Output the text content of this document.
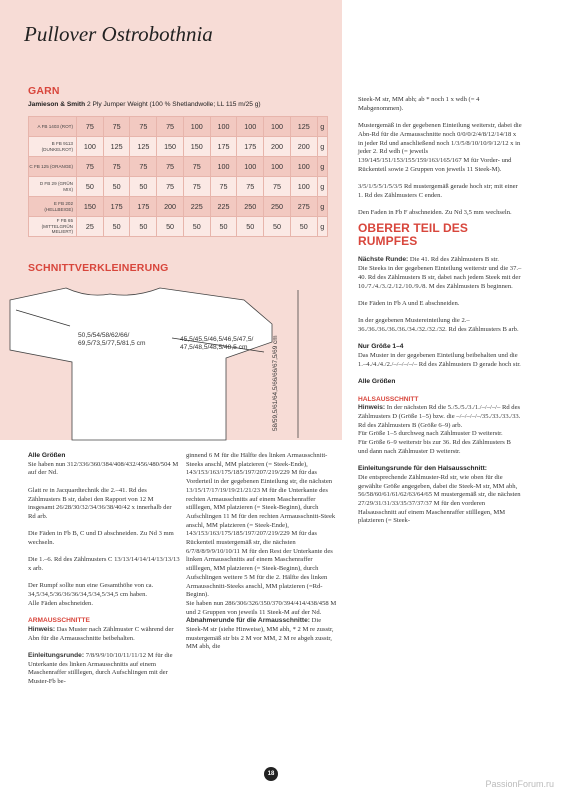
Pullover Ostrobothnia
GARN
Jamieson & Smith 2 Ply Jumper Weight (100 % Shetlandwolle; LL 115 m/25 g)
A FB 1403 (ROT)	75	75	75	75	100	100	100	100	125	g
B FB 9113 (DUNKELROT)	100	125	125	150	150	175	175	200	200	g
C FB 125 (ORANGE)	75	75	75	75	75	100	100	100	100	g
D FB 29 (GRÜN MIX)	50	50	50	75	75	75	75	75	100	g
E FB 202 (HELLBEIGE)	150	175	175	200	225	225	250	250	275	g
F FB 65 (MITTELGRÜN MELIERT)	25	50	50	50	50	50	50	50	50	g
SCHNITTVERKLEINERUNG
50,5/54/58/62/66/
69,5/73,5/77,5/81,5 cm
45,5/45,5/46,5/46,5/47,5/
47,5/48,5/48,5/48,5 cm	58/59,5/61/64,5/66/66/67,5/69 cm

Alle Größen

Sie haben nun 312/336/360/384/408/432/456/480/504 M auf der Nd.

Glatt re in Jacquardtechnik die 2.–41. Rd des Zählmusters B str, dabei den Rapport von 12 M insgesamt 26/28/30/32/34/36/38/40/42 x innerhalb der Rd arb.

Die Fäden in Fb B, C und D abschneiden. Zu Nd 3 mm wechseln.

Die 1.–6. Rd des Zählmusters C 13/13/14/14/14/13/13/13 x arb.

Der Rumpf sollte nun eine Gesamthöhe von ca. 34,5/34,5/36/36/36/34,5/34,5/34,5 cm haben.

Alle Fäden abschneiden.

ARMAUSSCHNITTE

Hinweis: Das Muster nach Zählmuster C während der Abn für die Armausschnitte beibehalten.

Einleitungsrunde: 7/8/9/9/10/10/11/11/12 M für die Unterkante des linken Armausschnitts auf einem Maschenraffer stilllegen, durch Aufschlingen mit der Muster-Fb be-

ginnend 6 M für die Hälfte des linken Armausschnitt-Steeks anschl, MM platzieren (= Steek-Ende), 143/153/163/175/185/197/207/219/229 M für das Vorderteil in der gegebenen Einteilung str, die nächsten 13/15/17/17/19/19/21/21/23 M für die Unterkante des rechten Armausschnitts auf einem Maschenraffer stilllegen, MM platzieren (= Steek-Beginn), durch Aufschlingen 11 M für den rechten Armausschnitt-Steek anschl, MM platzieren (= Steek-Ende), 143/153/163/175/185/197/207/219/229 M für das Rückenteil mustergemäß str, die nächsten 6/7/8/8/9/9/10/10/11 M für den Rest der Unterkante des linken Armausschnitts auf einem Maschenraffer stilllegen, MM platzieren (= Steek-Beginn), durch Aufschlingen weitere 5 M für die 2. Hälfte des linken Armausschnitt-Steeks anschl, MM platzieren (=Rd-Beginn).

Sie haben nun 286/306/326/350/370/394/414/438/458 M und 2 Gruppen von jeweils 11 Steek-M auf der Nd.

Abnahmerunde für die Armausschnitte: Die Steek-M str (siehe Hinweise), MM abh, * 2 M re zusstr, mustergemäß str bis 2 M vor MM, 2 M re abgeh zusstr, MM abh, die

Steek-M str, MM abh; ab * noch 1 x wdh (= 4 Mabgenommen).

Mustergemäß in der gegebenen Einteilung weiterstr, dabei die Abn-Rd für die Armausschnitte noch 0/0/0/2/4/8/12/14/18 x in jeder Rd und anschließend noch 1/3/5/8/10/10/9/12/12 x in jeder 2. Rd wdh (= jeweils 139/145/151/153/155/159/163/165/167 M für Vorder- und Rückenteil sowie 2 Gruppen von jeweils 11 Steek-M).

3/5/1/5/5/1/5/3/5 Rd mustergemäß gerade hoch str; mit einer 1. Rd des Zählmusters C enden.

Den Faden in Fb F abschneiden. Zu Nd 3,5 mm wechseln.

OBERER TEIL DES RUMPFES

Nächste Runde: Die 41. Rd des Zählmusters B str.

Die Steeks in der gegebenen Einteilung weiterstr und die 37.–40. Rd des Zählmusters B str, dabei nach jedem Steek mit der 10./7./4./3./2./12./10./9./8. M des Zählmusters B beginnen.

Die Fäden in Fb A und E abschneiden.

In der gegebenen Mustereinteilung die 2.–36./36./36./36./36./34./32./32./32. Rd des Zählmusters B arb.

Nur Größe 1–4

Das Muster in der gegebenen Einteilung beibehalten und die 1.–4./4./4./2./–/–/–/–/– Rd des Zählmusters D gerade hoch str.

Alle Größen

HALSAUSSCHNITT

Hinweis: In der nächsten Rd die 5./5./5./3./1./–/–/–/– Rd des Zählmusters D (Größe 1–5) bzw. die –/–/–/–/–/35./33./33./33. Rd des Zählmusters B (Größe 6–9) arb.

Für Größe 1–5 durchweg nach Zählmuster D weiterstr.

Für Größe 6–9 weiterstr bis zur 36. Rd des Zählmusters B und dann nach Zählmuster D weiterstr.

Einleitungsrunde für den Halsausschnitt:

Die entsprechende Zählmuster-Rd str, wie oben für die gewählte Größe angegeben, dabei die Steek-M str, MM abh, 56/58/60/61/61/62/63/64/65 M mustergemäß str, die nächsten 27/29/31/31/33/35/37/37/37 M für den vorderen Halsausschnitt auf einem Maschenraffer stilllegen, MM platzieren (= Steek-

18
PassionForum.ru
